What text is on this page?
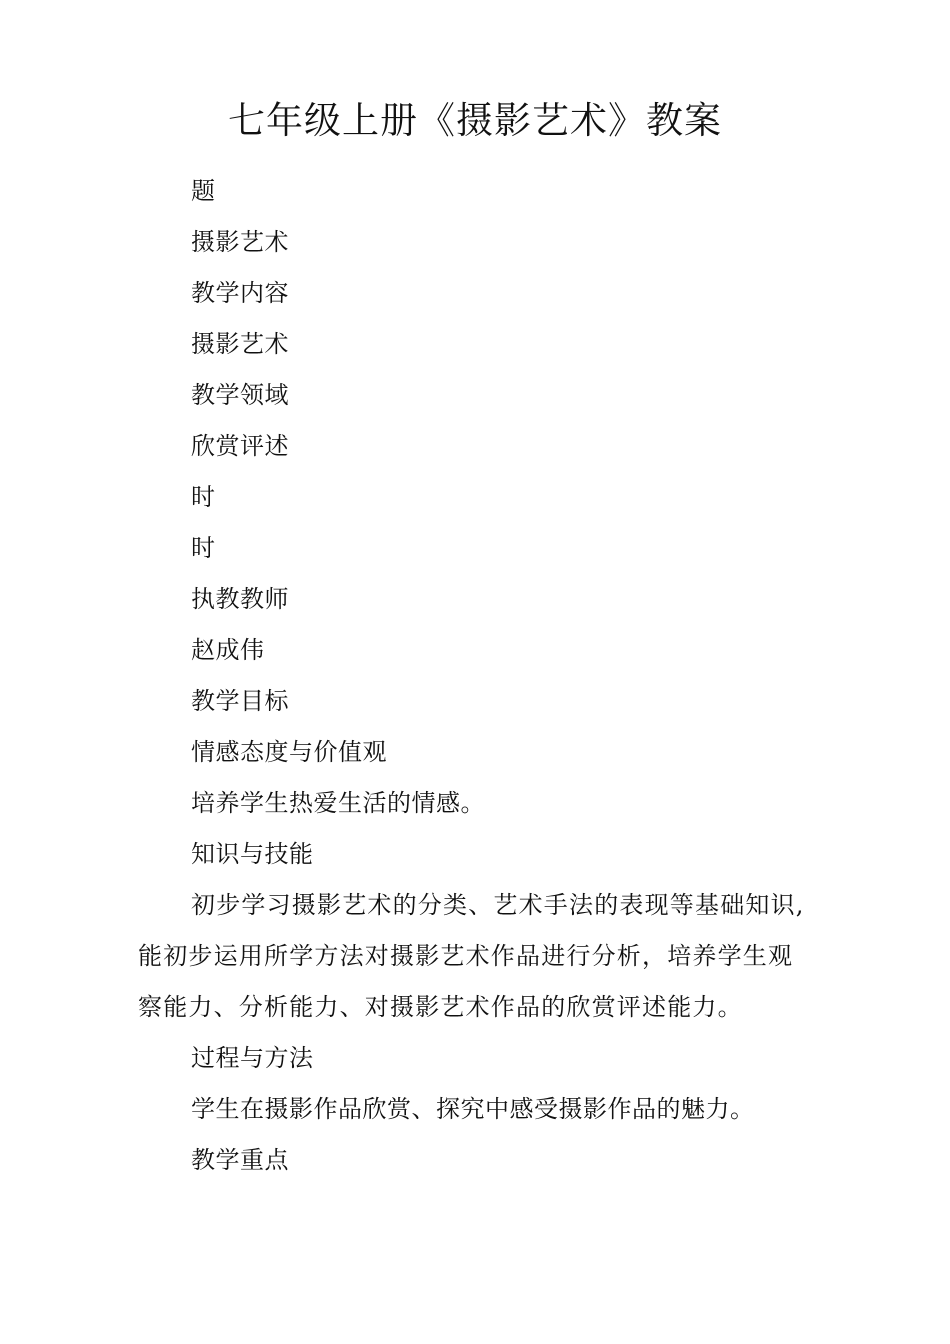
七年级上册《摄影艺术》教案

题

摄影艺术

教学内容

摄影艺术

教学领域

欣赏评述

时

时

执教教师

赵成伟

教学目标

情感态度与价值观

培养学生热爱生活的情感。

知识与技能

初步学习摄影艺术的分类、艺术手法的表现等基础知识,能初步运用所学方法对摄影艺术作品进行分析，培养学生观察能力、分析能力、对摄影艺术作品的欣赏评述能力。

过程与方法

学生在摄影作品欣赏、探究中感受摄影作品的魅力。

教学重点
